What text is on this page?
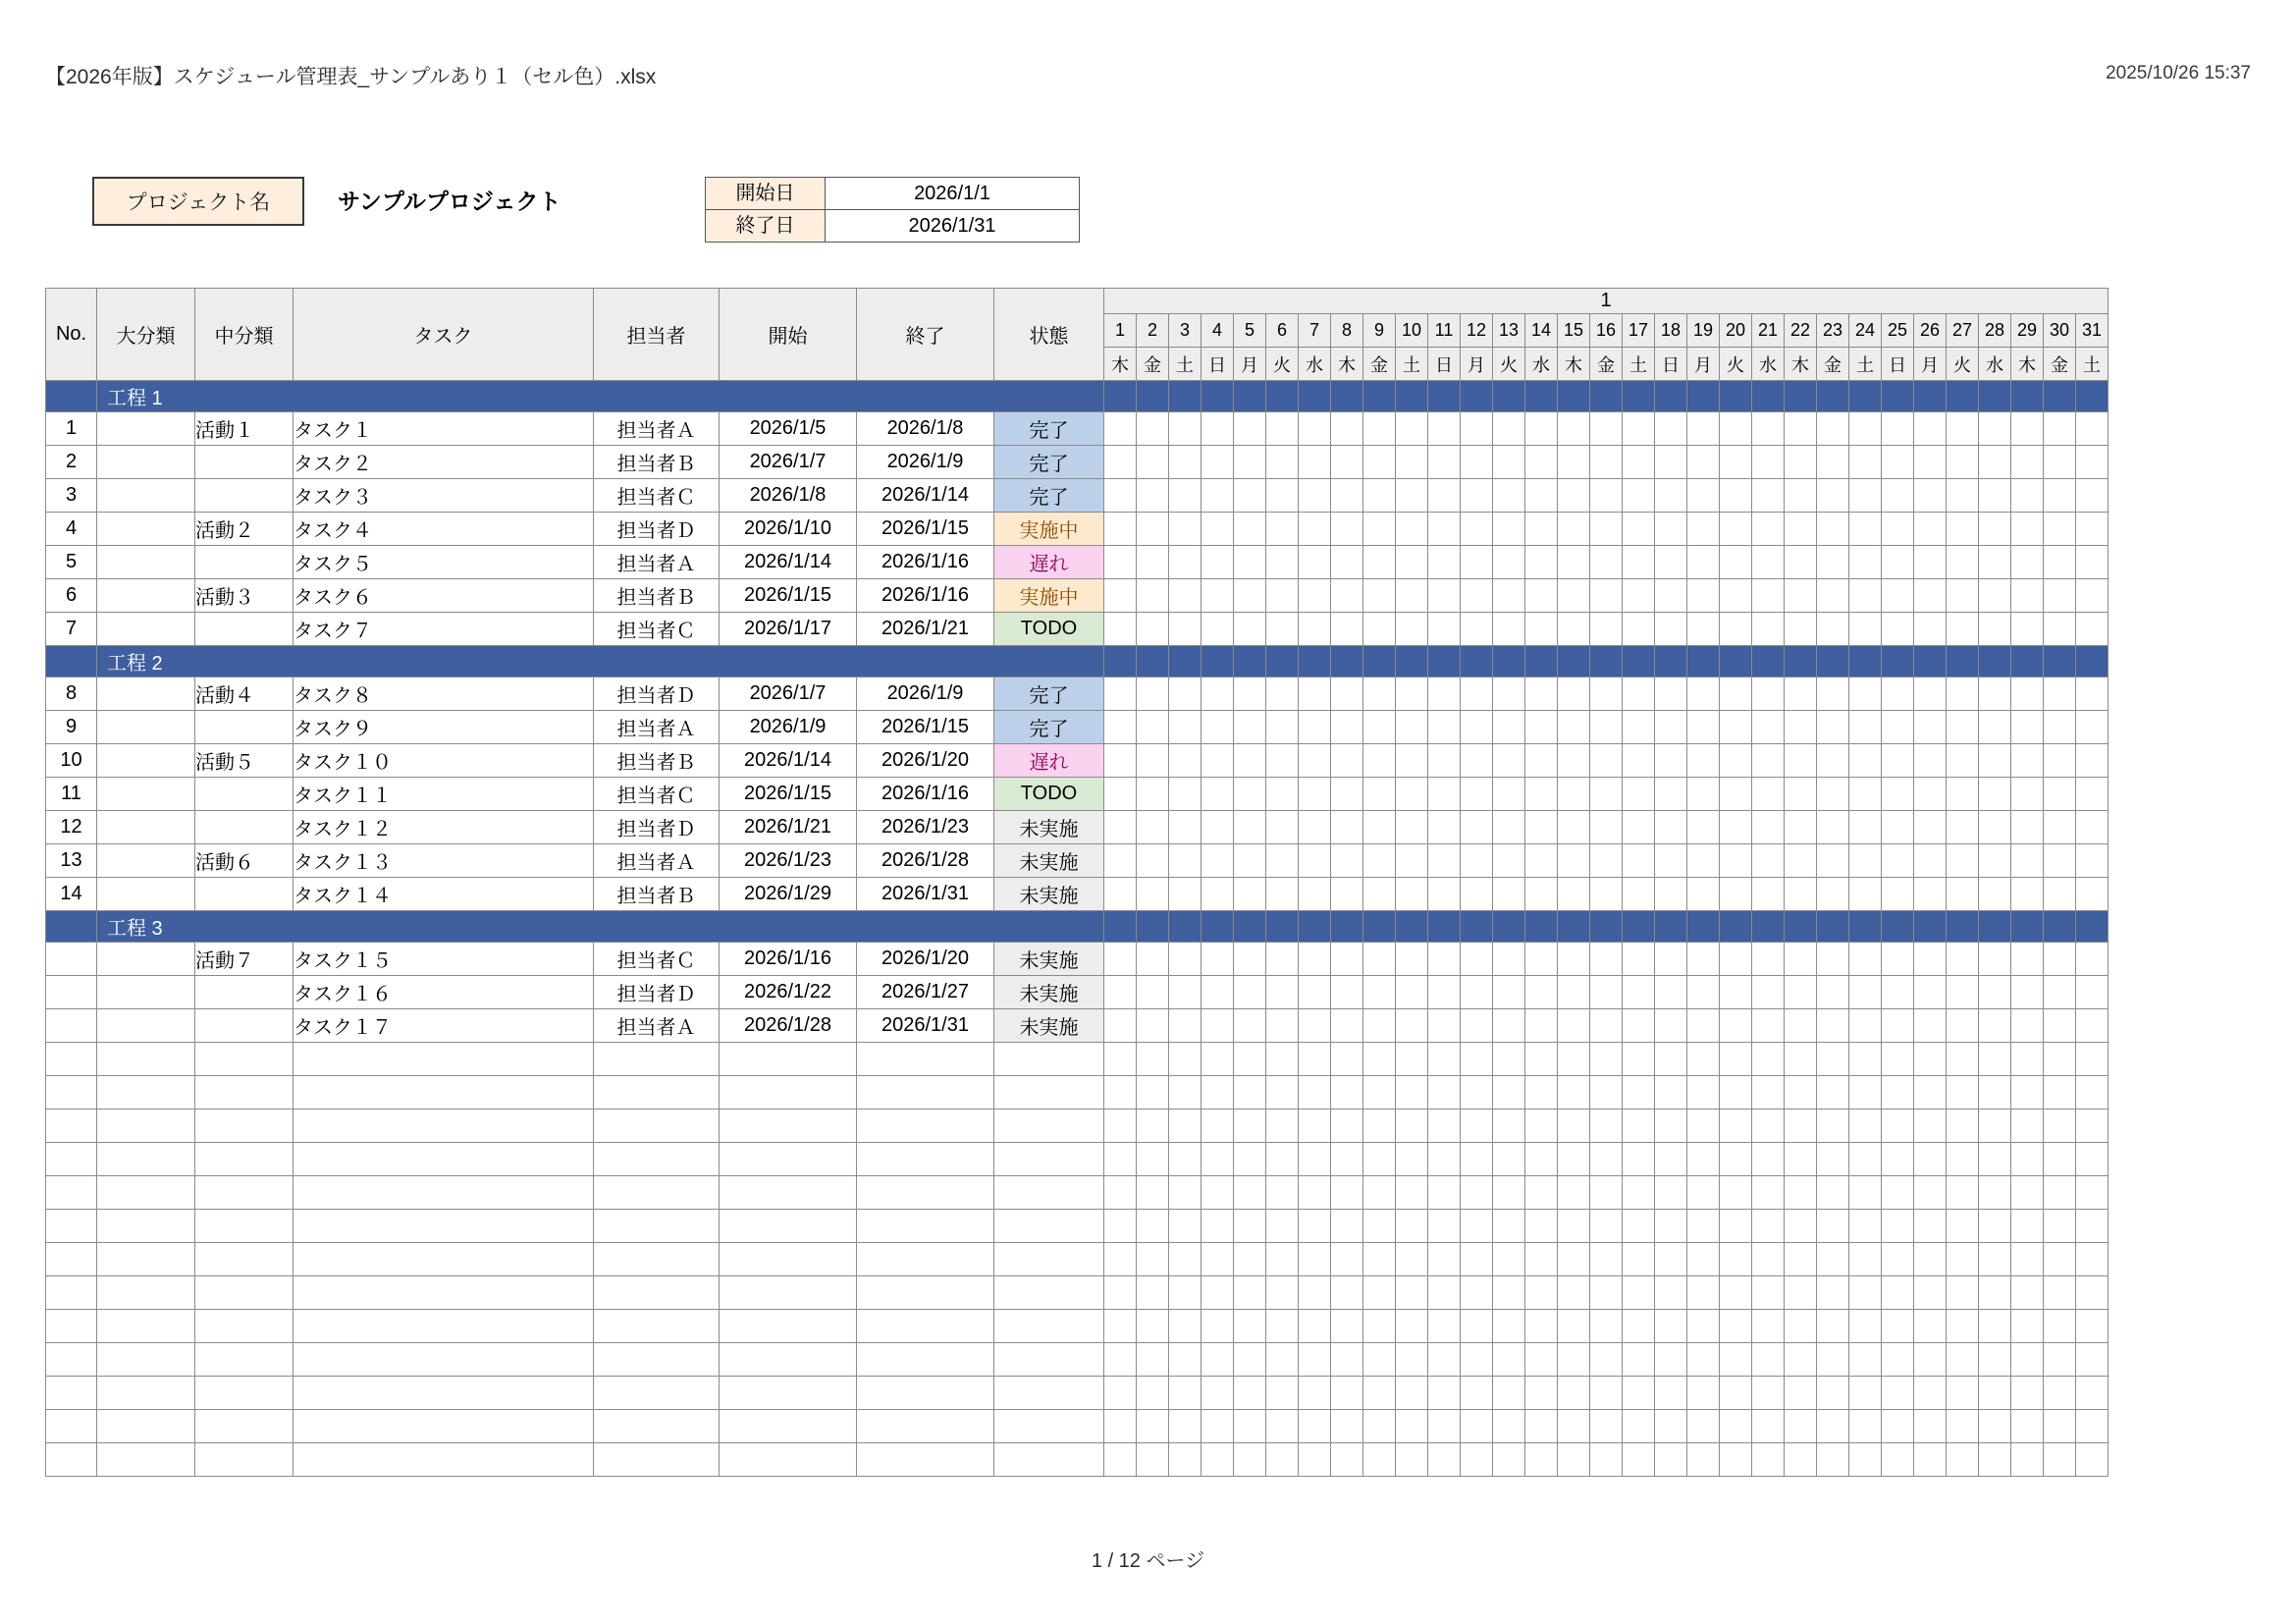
【2026年版】スケジュール管理表_サンプルあり１（セル色）.xlsx	2025/10/26 15:37
プロジェクト名	サンプルプロジェクト	開始日	2026/1/1
終了日	2026/1/31
No.	大分類	中分類	タスク	担当者	開始	終了	状態	1																														
								1	2	3	4	5	6	7	8	9	10	11	12	13	14	15	16	17	18	19	20	21	22	23	24	25	26	27	28	29	30	31
								木	金	土	日	月	火	水	木	金	土	日	月	火	水	木	金	土	日	月	火	水	木	金	土	日	月	火	水	木	金	土
	工程 1																																					
1		活動１	タスク１	担当者Ａ	2026/1/5	2026/1/8	完了																															
2			タスク２	担当者Ｂ	2026/1/7	2026/1/9	完了																															
3			タスク３	担当者Ｃ	2026/1/8	2026/1/14	完了																															
4		活動２	タスク４	担当者Ｄ	2026/1/10	2026/1/15	実施中																															
5			タスク５	担当者Ａ	2026/1/14	2026/1/16	遅れ																															
6		活動３	タスク６	担当者Ｂ	2026/1/15	2026/1/16	実施中																															
7			タスク７	担当者Ｃ	2026/1/17	2026/1/21	TODO																															
	工程 2																																					
8		活動４	タスク８	担当者Ｄ	2026/1/7	2026/1/9	完了																															
9			タスク９	担当者Ａ	2026/1/9	2026/1/15	完了																															
10		活動５	タスク１０	担当者Ｂ	2026/1/14	2026/1/20	遅れ																															
11			タスク１１	担当者Ｃ	2026/1/15	2026/1/16	TODO																															
12			タスク１２	担当者Ｄ	2026/1/21	2026/1/23	未実施																															
13		活動６	タスク１３	担当者Ａ	2026/1/23	2026/1/28	未実施																															
14			タスク１４	担当者Ｂ	2026/1/29	2026/1/31	未実施																															
	工程 3																																					
		活動７	タスク１５	担当者Ｃ	2026/1/16	2026/1/20	未実施																															
			タスク１６	担当者Ｄ	2026/1/22	2026/1/27	未実施																															
			タスク１７	担当者Ａ	2026/1/28	2026/1/31	未実施																															

1 / 12 ページ
